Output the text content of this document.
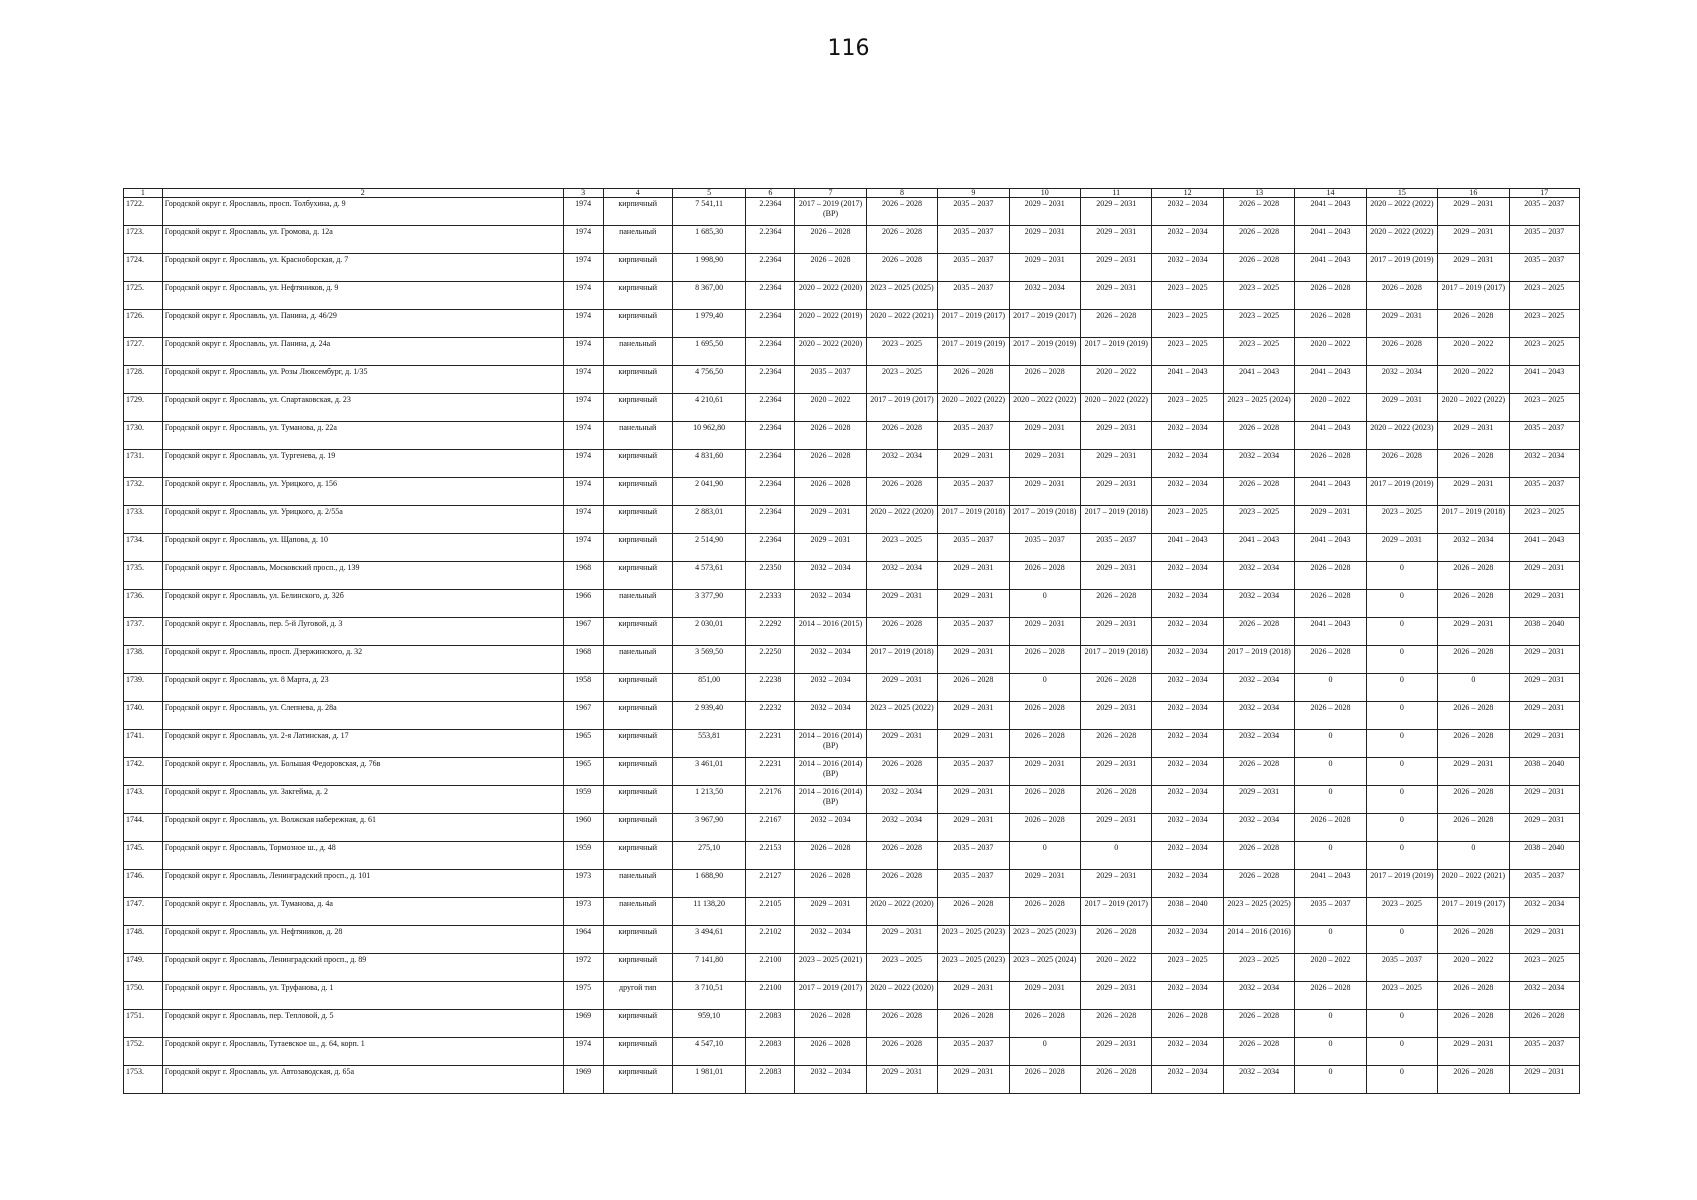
116
1	2	3	4	5	6	7	8	9	10	11	12	13	14	15	16	17
1722.	Городской округ г. Ярославль, просп. Толбухина, д. 9	1974	кирпичный	7 541,11	2.2364	2017 – 2019 (2017) (ВР)	2026 – 2028	2035 – 2037	2029 – 2031	2029 – 2031	2032 – 2034	2026 – 2028	2041 – 2043	2020 – 2022 (2022)	2029 – 2031	2035 – 2037
1723.	Городской округ г. Ярославль, ул. Громова, д. 12а	1974	панельный	1 685,30	2.2364	2026 – 2028	2026 – 2028	2035 – 2037	2029 – 2031	2029 – 2031	2032 – 2034	2026 – 2028	2041 – 2043	2020 – 2022 (2022)	2029 – 2031	2035 – 2037
1724.	Городской округ г. Ярославль, ул. Красноборская, д. 7	1974	кирпичный	1 998,90	2.2364	2026 – 2028	2026 – 2028	2035 – 2037	2029 – 2031	2029 – 2031	2032 – 2034	2026 – 2028	2041 – 2043	2017 – 2019 (2019)	2029 – 2031	2035 – 2037
1725.	Городской округ г. Ярославль, ул. Нефтяников, д. 9	1974	кирпичный	8 367,00	2.2364	2020 – 2022 (2020)	2023 – 2025 (2025)	2035 – 2037	2032 – 2034	2029 – 2031	2023 – 2025	2023 – 2025	2026 – 2028	2026 – 2028	2017 – 2019 (2017)	2023 – 2025
1726.	Городской округ г. Ярославль, ул. Панина, д. 46/29	1974	кирпичный	1 979,40	2.2364	2020 – 2022 (2019)	2020 – 2022 (2021)	2017 – 2019 (2017)	2017 – 2019 (2017)	2026 – 2028	2023 – 2025	2023 – 2025	2026 – 2028	2029 – 2031	2026 – 2028	2023 – 2025
1727.	Городской округ г. Ярославль, ул. Панина, д. 24а	1974	панельный	1 695,50	2.2364	2020 – 2022 (2020)	2023 – 2025	2017 – 2019 (2019)	2017 – 2019 (2019)	2017 – 2019 (2019)	2023 – 2025	2023 – 2025	2020 – 2022	2026 – 2028	2020 – 2022	2023 – 2025
1728.	Городской округ г. Ярославль, ул. Розы Люксембург, д. 1/35	1974	кирпичный	4 756,50	2.2364	2035 – 2037	2023 – 2025	2026 – 2028	2026 – 2028	2020 – 2022	2041 – 2043	2041 – 2043	2041 – 2043	2032 – 2034	2020 – 2022	2041 – 2043
1729.	Городской округ г. Ярославль, ул. Спартаковская, д. 23	1974	кирпичный	4 210,61	2.2364	2020 – 2022	2017 – 2019 (2017)	2020 – 2022 (2022)	2020 – 2022 (2022)	2020 – 2022 (2022)	2023 – 2025	2023 – 2025 (2024)	2020 – 2022	2029 – 2031	2020 – 2022 (2022)	2023 – 2025
1730.	Городской округ г. Ярославль, ул. Туманова, д. 22а	1974	панельный	10 962,80	2.2364	2026 – 2028	2026 – 2028	2035 – 2037	2029 – 2031	2029 – 2031	2032 – 2034	2026 – 2028	2041 – 2043	2020 – 2022 (2023)	2029 – 2031	2035 – 2037
1731.	Городской округ г. Ярославль, ул. Тургенева, д. 19	1974	кирпичный	4 831,60	2.2364	2026 – 2028	2032 – 2034	2029 – 2031	2029 – 2031	2029 – 2031	2032 – 2034	2032 – 2034	2026 – 2028	2026 – 2028	2026 – 2028	2032 – 2034
1732.	Городской округ г. Ярославль, ул. Урицкого, д. 156	1974	кирпичный	2 041,90	2.2364	2026 – 2028	2026 – 2028	2035 – 2037	2029 – 2031	2029 – 2031	2032 – 2034	2026 – 2028	2041 – 2043	2017 – 2019 (2019)	2029 – 2031	2035 – 2037
1733.	Городской округ г. Ярославль, ул. Урицкого, д. 2/55а	1974	кирпичный	2 883,01	2.2364	2029 – 2031	2020 – 2022 (2020)	2017 – 2019 (2018)	2017 – 2019 (2018)	2017 – 2019 (2018)	2023 – 2025	2023 – 2025	2029 – 2031	2023 – 2025	2017 – 2019 (2018)	2023 – 2025
1734.	Городской округ г. Ярославль, ул. Щапова, д. 10	1974	кирпичный	2 514,90	2.2364	2029 – 2031	2023 – 2025	2035 – 2037	2035 – 2037	2035 – 2037	2041 – 2043	2041 – 2043	2041 – 2043	2029 – 2031	2032 – 2034	2041 – 2043
1735.	Городской округ г. Ярославль, Московский просп., д. 139	1968	кирпичный	4 573,61	2.2350	2032 – 2034	2032 – 2034	2029 – 2031	2026 – 2028	2029 – 2031	2032 – 2034	2032 – 2034	2026 – 2028	0	2026 – 2028	2029 – 2031
1736.	Городской округ г. Ярославль, ул. Белинского, д. 32б	1966	панельный	3 377,90	2.2333	2032 – 2034	2029 – 2031	2029 – 2031	0	2026 – 2028	2032 – 2034	2032 – 2034	2026 – 2028	0	2026 – 2028	2029 – 2031
1737.	Городской округ г. Ярославль, пер. 5-й Луговой, д. 3	1967	кирпичный	2 030,01	2.2292	2014 – 2016 (2015)	2026 – 2028	2035 – 2037	2029 – 2031	2029 – 2031	2032 – 2034	2026 – 2028	2041 – 2043	0	2029 – 2031	2038 – 2040
1738.	Городской округ г. Ярославль, просп. Дзержинского, д. 32	1968	панельный	3 569,50	2.2250	2032 – 2034	2017 – 2019 (2018)	2029 – 2031	2026 – 2028	2017 – 2019 (2018)	2032 – 2034	2017 – 2019 (2018)	2026 – 2028	0	2026 – 2028	2029 – 2031
1739.	Городской округ г. Ярославль, ул. 8 Марта, д. 23	1958	кирпичный	851,00	2.2238	2032 – 2034	2029 – 2031	2026 – 2028	0	2026 – 2028	2032 – 2034	2032 – 2034	0	0	0	2029 – 2031
1740.	Городской округ г. Ярославль, ул. Слепнева, д. 28а	1967	кирпичный	2 939,40	2.2232	2032 – 2034	2023 – 2025 (2022)	2029 – 2031	2026 – 2028	2029 – 2031	2032 – 2034	2032 – 2034	2026 – 2028	0	2026 – 2028	2029 – 2031
1741.	Городской округ г. Ярославль, ул. 2-я Латинская, д. 17	1965	кирпичный	553,81	2.2231	2014 – 2016 (2014) (ВР)	2029 – 2031	2029 – 2031	2026 – 2028	2026 – 2028	2032 – 2034	2032 – 2034	0	0	2026 – 2028	2029 – 2031
1742.	Городской округ г. Ярославль, ул. Большая Федоровская, д. 76в	1965	кирпичный	3 461,01	2.2231	2014 – 2016 (2014) (ВР)	2026 – 2028	2035 – 2037	2029 – 2031	2029 – 2031	2032 – 2034	2026 – 2028	0	0	2029 – 2031	2038 – 2040
1743.	Городской округ г. Ярославль, ул. Закгейма, д. 2	1959	кирпичный	1 213,50	2.2176	2014 – 2016 (2014) (ВР)	2032 – 2034	2029 – 2031	2026 – 2028	2026 – 2028	2032 – 2034	2029 – 2031	0	0	2026 – 2028	2029 – 2031
1744.	Городской округ г. Ярославль, ул. Волжская набережная, д. 61	1960	кирпичный	3 967,90	2.2167	2032 – 2034	2032 – 2034	2029 – 2031	2026 – 2028	2029 – 2031	2032 – 2034	2032 – 2034	2026 – 2028	0	2026 – 2028	2029 – 2031
1745.	Городской округ г. Ярославль, Тормозное ш., д. 48	1959	кирпичный	275,10	2.2153	2026 – 2028	2026 – 2028	2035 – 2037	0	0	2032 – 2034	2026 – 2028	0	0	0	2038 – 2040
1746.	Городской округ г. Ярославль, Ленинградский просп., д. 101	1973	панельный	1 688,90	2.2127	2026 – 2028	2026 – 2028	2035 – 2037	2029 – 2031	2029 – 2031	2032 – 2034	2026 – 2028	2041 – 2043	2017 – 2019 (2019)	2020 – 2022 (2021)	2035 – 2037
1747.	Городской округ г. Ярославль, ул. Туманова, д. 4а	1973	панельный	11 138,20	2.2105	2029 – 2031	2020 – 2022 (2020)	2026 – 2028	2026 – 2028	2017 – 2019 (2017)	2038 – 2040	2023 – 2025 (2025)	2035 – 2037	2023 – 2025	2017 – 2019 (2017)	2032 – 2034
1748.	Городской округ г. Ярославль, ул. Нефтяников, д. 28	1964	кирпичный	3 494,61	2.2102	2032 – 2034	2029 – 2031	2023 – 2025 (2023)	2023 – 2025 (2023)	2026 – 2028	2032 – 2034	2014 – 2016 (2016)	0	0	2026 – 2028	2029 – 2031
1749.	Городской округ г. Ярославль, Ленинградский просп., д. 89	1972	кирпичный	7 141,80	2.2100	2023 – 2025 (2021)	2023 – 2025	2023 – 2025 (2023)	2023 – 2025 (2024)	2020 – 2022	2023 – 2025	2023 – 2025	2020 – 2022	2035 – 2037	2020 – 2022	2023 – 2025
1750.	Городской округ г. Ярославль, ул. Труфанова, д. 1	1975	другой тип	3 710,51	2.2100	2017 – 2019 (2017)	2020 – 2022 (2020)	2029 – 2031	2029 – 2031	2029 – 2031	2032 – 2034	2032 – 2034	2026 – 2028	2023 – 2025	2026 – 2028	2032 – 2034
1751.	Городской округ г. Ярославль, пер. Тепловой, д. 5	1969	кирпичный	959,10	2.2083	2026 – 2028	2026 – 2028	2026 – 2028	2026 – 2028	2026 – 2028	2026 – 2028	2026 – 2028	0	0	2026 – 2028	2026 – 2028
1752.	Городской округ г. Ярославль, Тутаевское ш., д. 64, корп. 1	1974	кирпичный	4 547,10	2.2083	2026 – 2028	2026 – 2028	2035 – 2037	0	2029 – 2031	2032 – 2034	2026 – 2028	0	0	2029 – 2031	2035 – 2037
1753.	Городской округ г. Ярославль, ул. Автозаводская, д. 65а	1969	кирпичный	1 981,01	2.2083	2032 – 2034	2029 – 2031	2029 – 2031	2026 – 2028	2026 – 2028	2032 – 2034	2032 – 2034	0	0	2026 – 2028	2029 – 2031
